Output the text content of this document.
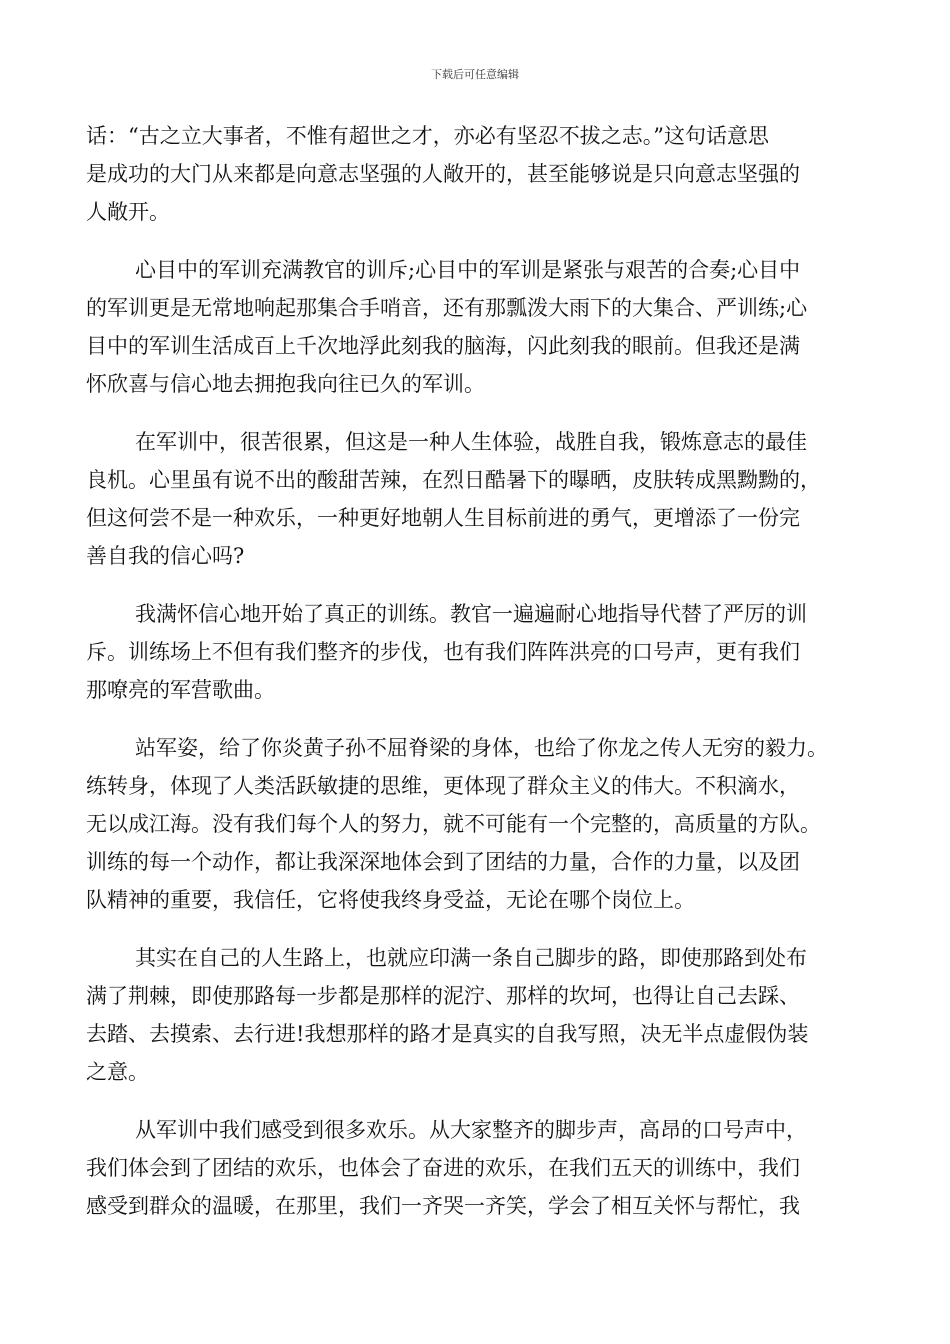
下载后可任意编辑
话：“古之立大事者，不惟有超世之才，亦必有坚忍不拔之志。”这句话意思
是成功的大门从来都是向意志坚强的人敞开的，甚至能够说是只向意志坚强的
人敞开。
心目中的军训充满教官的训斥;心目中的军训是紧张与艰苦的合奏;心目中
的军训更是无常地响起那集合手哨音，还有那瓢泼大雨下的大集合、严训练;心
目中的军训生活成百上千次地浮此刻我的脑海，闪此刻我的眼前。但我还是满
怀欣喜与信心地去拥抱我向往已久的军训。
在军训中，很苦很累，但这是一种人生体验，战胜自我，锻炼意志的最佳
良机。心里虽有说不出的酸甜苦辣，在烈日酷暑下的曝晒，皮肤转成黑黝黝的，
但这何尝不是一种欢乐，一种更好地朝人生目标前进的勇气，更增添了一份完
善自我的信心吗?
我满怀信心地开始了真正的训练。教官一遍遍耐心地指导代替了严厉的训
斥。训练场上不但有我们整齐的步伐，也有我们阵阵洪亮的口号声，更有我们
那嘹亮的军营歌曲。
站军姿，给了你炎黄子孙不屈脊梁的身体，也给了你龙之传人无穷的毅力。
练转身，体现了人类活跃敏捷的思维，更体现了群众主义的伟大。不积滴水，
无以成江海。没有我们每个人的努力，就不可能有一个完整的，高质量的方队。
训练的每一个动作，都让我深深地体会到了团结的力量，合作的力量，以及团
队精神的重要，我信任，它将使我终身受益，无论在哪个岗位上。
其实在自己的人生路上，也就应印满一条自己脚步的路，即使那路到处布
满了荆棘，即使那路每一步都是那样的泥泞、那样的坎坷，也得让自己去踩、
去踏、去摸索、去行进!我想那样的路才是真实的自我写照，决无半点虚假伪装
之意。
从军训中我们感受到很多欢乐。从大家整齐的脚步声，高昂的口号声中，
我们体会到了团结的欢乐，也体会了奋进的欢乐，在我们五天的训练中，我们
感受到群众的温暖，在那里，我们一齐哭一齐笑，学会了相互关怀与帮忙，我
